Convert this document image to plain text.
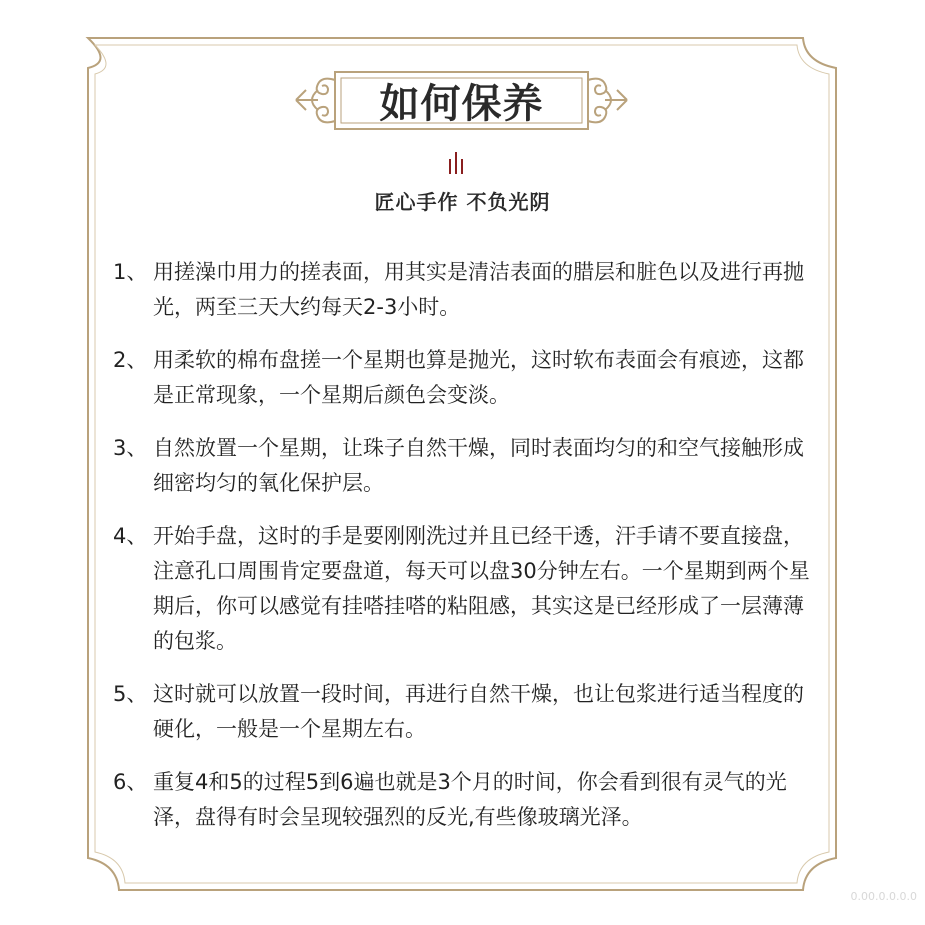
如何保养
匠心手作 不负光阴
1、 用搓澡巾用力的搓表面，用其实是清洁表面的腊层和脏色以及进行再抛光，两至三天大约每天2-3小时。
2、 用柔软的棉布盘搓一个星期也算是抛光，这时软布表面会有痕迹，这都是正常现象，一个星期后颜色会变淡。
3、 自然放置一个星期，让珠子自然干燥，同时表面均匀的和空气接触形成细密均匀的氧化保护层。
4、 开始手盘，这时的手是要刚刚洗过并且已经干透，汗手请不要直接盘，注意孔口周围肯定要盘道，每天可以盘30分钟左右。一个星期到两个星期后，你可以感觉有挂嗒挂嗒的粘阻感，其实这是已经形成了一层薄薄的包浆。
5、 这时就可以放置一段时间，再进行自然干燥，也让包浆进行适当程度的硬化，一般是一个星期左右。
6、 重复4和5的过程5到6遍也就是3个月的时间，你会看到很有灵气的光泽，盘得有时会呈现较强烈的反光,有些像玻璃光泽。
0.00.0.0.0.0
